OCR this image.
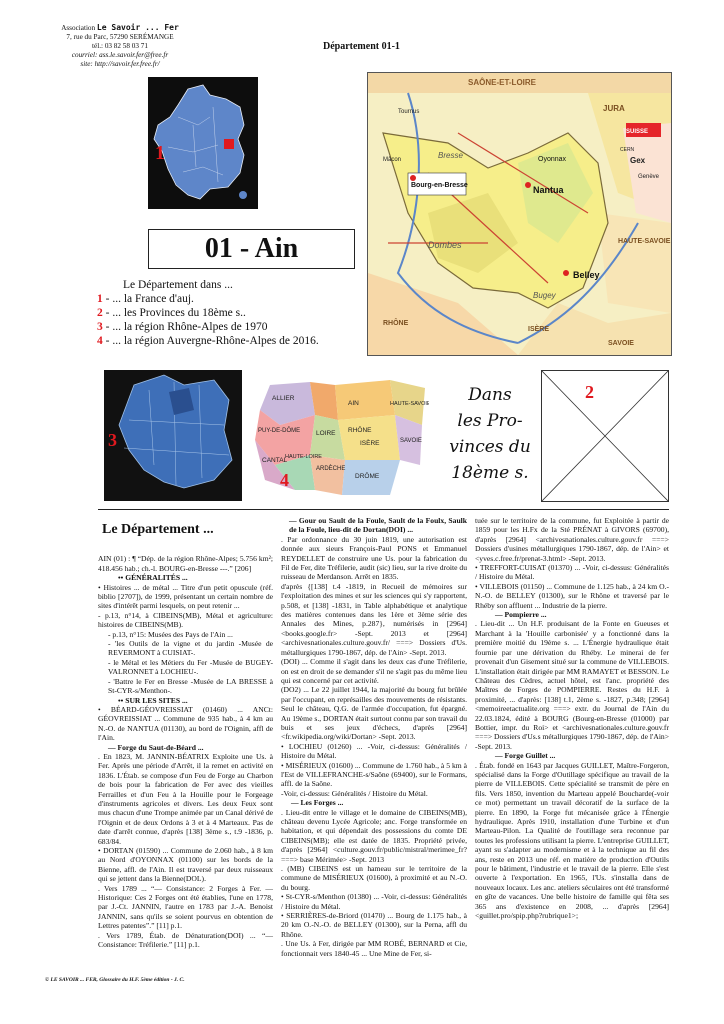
Association Le Savoir ... Fer
7, rue du Parc, 57290 SERÉMANGE
tél.: 03 82 58 03 71
courriel: ass.le.savoir.fer@free.fr
site: http://savoir.fer.free.fr/
Département 01-1
1
01 - Ain
Le Département dans ...
1 - ... la France d'auj.
2 - ... les Provinces du 18ème s..
3 - ... la région Rhône-Alpes de 1970
4 - ... la région Auvergne-Rhône-Alpes de 2016.
SAÔNE-ET-LOIRE
JURA
SUISSE
Gex
CERN
Genève
HAUTE-SAVOIE
SAVOIE
ISÈRE
RHÔNE
Bourg-en-Bresse	Nantua
Belley
Oyonnax
Bresse
Dombes
Bugey
Tournus
Mâcon
3
ALLIER
AIN	HAUTE-SAVOIE
LOIRE RHÔNE
PUY-DE-DÔME
CANTAL
HAUTE-LOIRE
ISÈRE	SAVOIE
ARDÈCHE
DRÔME
4
Dans
les Pro-
vinces du
18ème s.
2
Le Département ...

AIN (01) : ¶ “Dép. de la région Rhône-Alpes; 5.756 km²; 418.456 hab.; ch.-l. BOURG-en-Bresse ---.” [206]

•• GÉNÉRALITÉS ...

• Histoires ... de métal ... Titre d'un petit opuscule (réf. biblio [2707]), de 1999, présentant un certain nombre de sites d'intérêt parmi lesquels, on peut retenir ...

- p.13, n°14, à CIBEINS(MB), Métal et agriculture: histoires de CIBEINS(MB).

- p.13, n°15: Musées des Pays de l'Ain ...

- 'les Outils de la vigne et du jardin -Musée de REVERMONT à CUISIAT-.

- le Métal et les Métiers du Fer -Musée de BUGEY-VALRONNET à LOCHIEU-.

- 'Battre le Fer en Bresse -Musée de LA BRESSE à St-CYR-s/Menthon-.

•• SUR LES SITES ...

• BÉARD-GÉOVREISSIAT (01460) ... ANCt: GÉOVREISSIAT ... Commune de 935 hab., à 4 km au N.-O. de NANTUA (01130), au bord de l'Oignin, affl de l'Ain.

— Forge du Saut-de-Béard ...

. En 1823, M. JANNIN-BÉATRIX Exploite une Us. à Fer. Après une période d'Arrêt, il la remet en activité en 1836. L'Étab. se compose d'un Feu de Forge au Charbon de bois pour la fabrication de Fer avec des vieilles Ferrailles et d'un Feu à la Houille pour le Forgeage d'instruments agricoles et divers. Les deux Feux sont mus chacun d'une Trompe animée par un Canal dérivé de l'Oignin et de deux Ordons à 3 et à 4 Marteaux. Pas de date d'arrêt connue, d'après [138] 3ème s., t.9 -1836, p. 683/84.

• DORTAN (01590) ... Commune de 2.060 hab., à 8 km au Nord d'OYONNAX (01100) sur les bords de la Bienne, affl. de l'Ain. Il est traversé par deux ruisseaux qui se jettent dans la Bienne(DOL).

. Vers 1789 ... “— Consistance: 2 Forges à Fer. — Historique: Ces 2 Forges ont été établies, l'une en 1778, par J.-Ct. JANNIN, l'autre en 1783 par J.-A. Benoist JANNIN, sans qu'ils se soient pourvus en obtention de Lettres patentes”.” [11] p.1.

. Vers 1789, Étab. de Dénaturation(DOI) ... “— Consistance: Tréfilerie.” [11] p.1.

— Gour ou Sault de la Foule, Sault de la Foulx, Saulk de la Foule, lieu-dit de Dortan(DOI) ...

. Par ordonnance du 30 juin 1819, une autorisation est donnée aux sieurs François-Paul PONS et Emmanuel REYDELLET de construire une Us. pour la fabrication du Fil de Fer, dite Tréfilerie, audit (sic) lieu, sur la rive droite du ruisseau de Merdanson. Arrêt en 1835.

d'après {[138] t.4 -1819, in Recueil de mémoires sur l'exploitation des mines et sur les sciences qui s'y rapportent, p.508, et [138] -1831, in Table alphabétique et analytique des matières contenues dans les 1ère et 3ème série des Annales des Mines, p.287}, numérisés in [2964] <books.google.fr> -Sept. 2013 et [2964] <archivesnationales.culture.gouv.fr/ ===> Dossiers d'Us. métallurgiques 1790-1867, dép. de l'Ain> -Sept. 2013.

(DOI) ... Comme il s'agit dans les deux cas d'une Tréfilerie, on est en droit de se demander s'il ne s'agit pas du même lieu qui est concerné par cet activité.

(DO2) ... Le 22 juillet 1944, la majorité du bourg fut brûlée par l'occupant, en représailles des mouvements de résistants. Seul le château, Q.G. de l'armée d'occupation, fut épargné. Au 19ème s., DORTAN était surtout connu par son travail du buis et ses jeux d'échecs, d'après [2964] <fr.wikipedia.org/wiki/Dortan> -Sept. 2013.

• LOCHIEU (01260) ... -Voir, ci-dessus: Généralités / Histoire du Métal.

• MISÉRIEUX (01600) ... Commune de 1.760 hab., à 5 km à l'Est de VILLEFRANCHE-s/Saône (69400), sur le Formans, affl. de la Saône.

-Voir, ci-dessus: Généralités / Histoire du Métal.

— Les Forges ...

. Lieu-dit entre le village et le domaine de CIBEINS(MB), château devenu Lycée Agricole; anc. Forge transformée en habitation, et qui dépendait des possessions du comte DE CIBEINS(MB); elle est datée de 1835. Propriété privée, d'après [2964] <culture.gouv.fr/public/mistral/merimee_fr? ===> base Mérimée> -Sept. 2013

. (MB) CIBEINS est un hameau sur le territoire de la commune de MISÉRIEUX (01600), à proximité et au N.-O. du bourg.

• St-CYR-s/Menthon (01380) ... -Voir, ci-dessus: Généralités / Histoire du Métal.

• SERRIÈRES-de-Briord (01470) ... Bourg de 1.175 hab., à 20 km O.-N.-O. de BELLEY (01300), sur la Perna, affl du Rhône.

. Une Us. à Fer, dirigée par MM ROBÉ, BERNARD et Cie, fonctionnait vers 1840-45 ... Une Mine de Fer, si-

tuée sur le territoire de la commune, fut Exploitée à partir de 1859 pour les H.Fx de la Sté PRÉNAT à GIVORS (69700), d'après [2964] <archivesnationales.culture.gouv.fr ===> Dossiers d'usines métallurgiques 1790-1867, dép. de l'Ain> et <yves.c.free.fr/prenat-3.html> -Sept. 2013.

• TREFFORT-CUISAT (01370) ... -Voir, ci-dessus: Généralités / Histoire du Métal.

• VILLEBOIS (01150) ... Commune de 1.125 hab., à 24 km O.-N.-O. de BELLEY (01300), sur le Rhône et traversé par le Rhéby son affluent ... Industrie de la pierre.

— Pompierre ...

. Lieu-dit ... Un H.F. produisant de la Fonte en Gueuses et Marchant à la 'Houille carbonisée' y a fonctionné dans la première moitié du 19ème s. ... L'Énergie hydraulique était fournie par une dérivation du Rhéby. Le minerai de fer provenait d'un Gisement situé sur la commune de VILLEBOIS. L'installation était dirigée par MM RAMAYET et BESSON. Le Château des Cèdres, actuel hôtel, est l'anc. propriété des Maîtres de Forges de POMPIERRE. Restes du H.F. à proximité, ... d'après: [138] t.1, 2ème s. -1827, p.348; [2964] <memoireetactualite.org ===> extr. du Journal de l'Ain du 22.03.1824, édité à BOURG (Bourg-en-Bresse (01000) par Bottier, impr. du Roi> et <archivesnationales.culture.gouv.fr ===> Dossiers d'Us.s métallurgiques 1790-1867, dép. de l'Ain> -Sept. 2013.

— Forge Guillet ...

. Étab. fondé en 1643 par Jacques GUILLET, Maître-Forgeron, spécialisé dans la Forge d'Outillage spécifique au travail de la pierre de VILLEBOIS. Cette spécialité se transmit de père en fils. Vers 1850, invention du Marteau appelé Boucharde(-voir ce mot) permettant un travail décoratif de la surface de la pierre. En 1890, la Forge fut mécanisée grâce à l'Énergie hydraulique. Après 1910, installation d'une Turbine et d'un Marteau-Pilon. La Qualité de l'outillage sera reconnue par toutes les professions utilisant la pierre. L'entreprise GUILLET, ayant su s'adapter au modernisme et à la technique au fil des ans, reste en 2013 une réf. en matière de production d'Outils pour le bâtiment, l'industrie et le travail de la pierre. Elle s'est ouverte à l'exportation. En 1965, l'Us. s'installa dans de nouveaux locaux. Les anc. ateliers séculaires ont été transformé en gîte de vacances. Une belle histoire de famille qui fêta ses 365 ans d'existence en 2008, ... d'après [2964] <guillet.pro/spip.php?rubrique1>;

© LE SAVOIR ... FER, Glossaire du H.F. 5ème édition - J. C.
